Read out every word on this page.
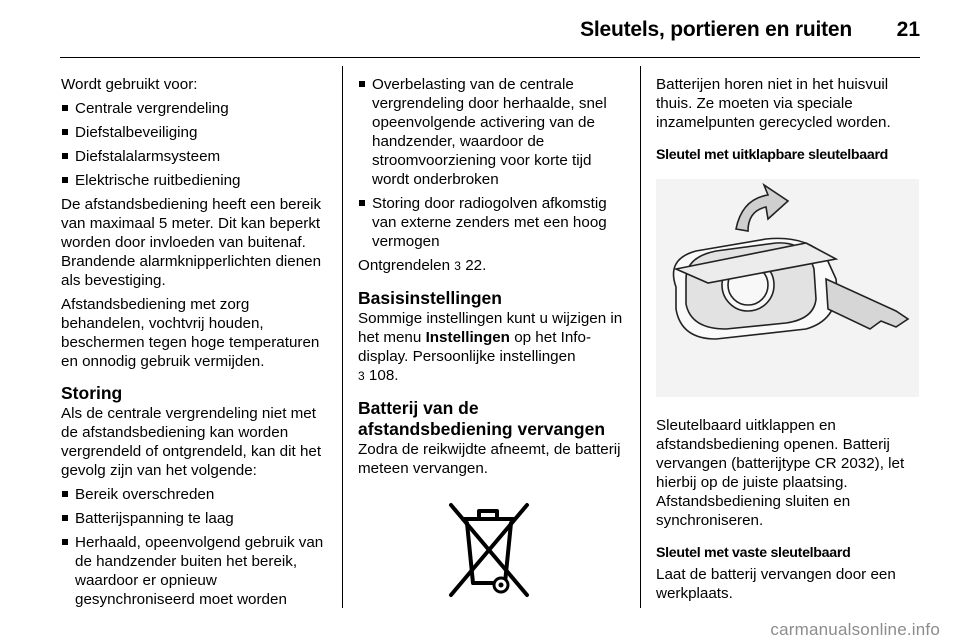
Sleutels, portieren en ruiten 21

Wordt gebruikt voor:

Centrale vergrendeling
Diefstalbeveiliging
Diefstalalarmsysteem
Elektrische ruitbediening

De afstandsbediening heeft een bereik van maximaal 5 meter. Dit kan beperkt worden door invloeden van buitenaf. Brandende alarmknipperlichten dienen als bevestiging.

Afstandsbediening met zorg behandelen, vochtvrij houden, beschermen tegen hoge temperaturen en onnodig gebruik vermijden.

Storing

Als de centrale vergrendeling niet met de afstandsbediening kan worden vergrendeld of ontgrendeld, kan dit het gevolg zijn van het volgende:

Bereik overschreden
Batterijspanning te laag
Herhaald, opeenvolgend gebruik van de handzender buiten het bereik, waardoor er opnieuw gesynchroniseerd moet worden
Overbelasting van de centrale vergrendeling door herhaalde, snel opeenvolgende activering van de handzender, waardoor de stroomvoorziening voor korte tijd wordt onderbroken
Storing door radiogolven afkomstig van externe zenders met een hoog vermogen

Ontgrendelen 3 22.

Basisinstellingen

Sommige instellingen kunt u wijzigen in het menu Instellingen op het Info-display. Persoonlijke instellingen
3 108.

Batterij van de afstandsbediening vervangen

Zodra de reikwijdte afneemt, de batterij meteen vervangen.

Batterijen horen niet in het huisvuil thuis. Ze moeten via speciale inzamelpunten gerecycled worden.

Sleutel met uitklapbare sleutelbaard

Sleutelbaard uitklappen en afstandsbediening openen. Batterij vervangen (batterijtype CR 2032), let hierbij op de juiste plaatsing. Afstandsbediening sluiten en synchroniseren.

Sleutel met vaste sleutelbaard

Laat de batterij vervangen door een werkplaats.

carmanualsonline.info
